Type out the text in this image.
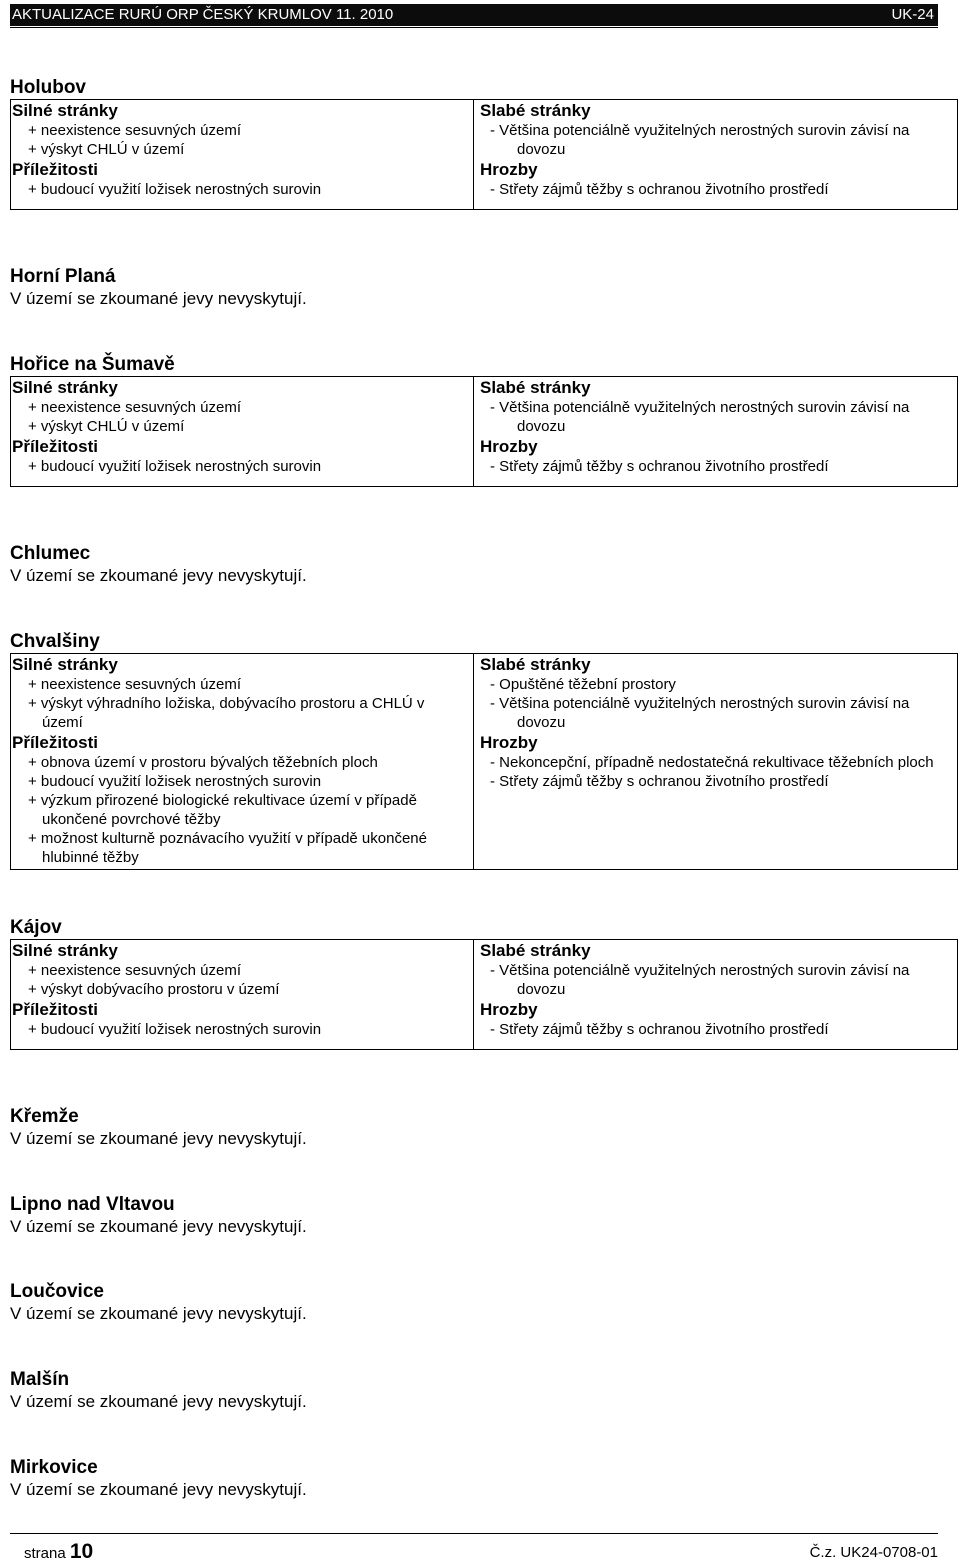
AKTUALIZACE RURÚ ORP ČESKÝ KRUMLOV 11. 2010	UK-24
Holubov
Silné stránky
+ neexistence sesuvných území
+ výskyt CHLÚ v území
Příležitosti
+ budoucí využití ložisek nerostných surovin
Slabé stránky
- Většina potenciálně využitelných nerostných surovin závisí na dovozu
Hrozby
- Střety zájmů těžby s ochranou životního prostředí
Horní Planá
V území se zkoumané jevy nevyskytují.
Hořice na Šumavě
Silné stránky
+ neexistence sesuvných území
+ výskyt CHLÚ v území
Příležitosti
+ budoucí využití ložisek nerostných surovin
Slabé stránky
- Většina potenciálně využitelných nerostných surovin závisí na dovozu
Hrozby
- Střety zájmů těžby s ochranou životního prostředí
Chlumec
V území se zkoumané jevy nevyskytují.
Chvalšiny
Silné stránky
+ neexistence sesuvných území
+ výskyt výhradního ložiska, dobývacího prostoru a CHLÚ v území
Příležitosti
+ obnova území v prostoru bývalých těžebních ploch
+ budoucí využití ložisek nerostných surovin
+ výzkum přirozené biologické rekultivace území v případě ukončené povrchové těžby
+ možnost kulturně poznávacího využití v případě ukončené hlubinné těžby
Slabé stránky
- Opuštěné těžební prostory
- Většina potenciálně využitelných nerostných surovin závisí na dovozu
Hrozby
- Nekoncepční, případně nedostatečná rekultivace těžebních ploch
- Střety zájmů těžby s ochranou životního prostředí
Kájov
Silné stránky
+ neexistence sesuvných území
+ výskyt dobývacího prostoru v území
Příležitosti
+ budoucí využití ložisek nerostných surovin
Slabé stránky
- Většina potenciálně využitelných nerostných surovin závisí na dovozu
Hrozby
- Střety zájmů těžby s ochranou životního prostředí
Křemže
V území se zkoumané jevy nevyskytují.
Lipno nad Vltavou
V území se zkoumané jevy nevyskytují.
Loučovice
V území se zkoumané jevy nevyskytují.
Malšín
V území se zkoumané jevy nevyskytují.
Mirkovice
V území se zkoumané jevy nevyskytují.
strana 10	Č.z. UK24-0708-01
